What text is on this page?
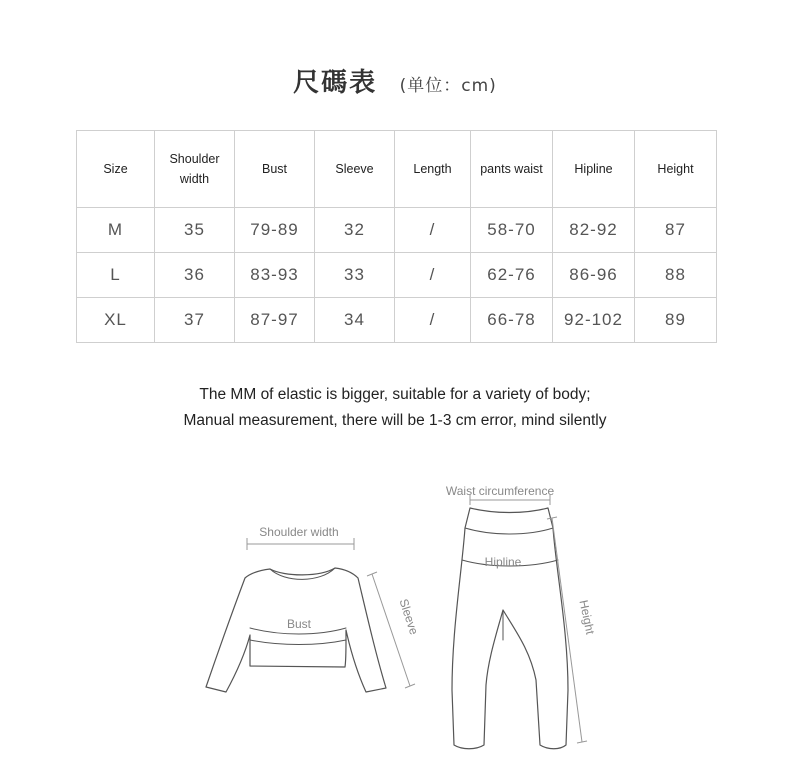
尺碼表 (单位：cm)
Size	Shoulder width	Bust	Sleeve	Length	pants waist	Hipline	Height
M	35	79-89	32	/	58-70	82-92	87
L	36	83-93	33	/	62-76	86-96	88
XL	37	87-97	34	/	66-78	92-102	89
The MM of elastic is bigger, suitable for a variety of body;
Manual measurement, there will be 1-3 cm error, mind silently
Shoulder width
Bust	Sleeve
Waist circumference
Hipline
Height
